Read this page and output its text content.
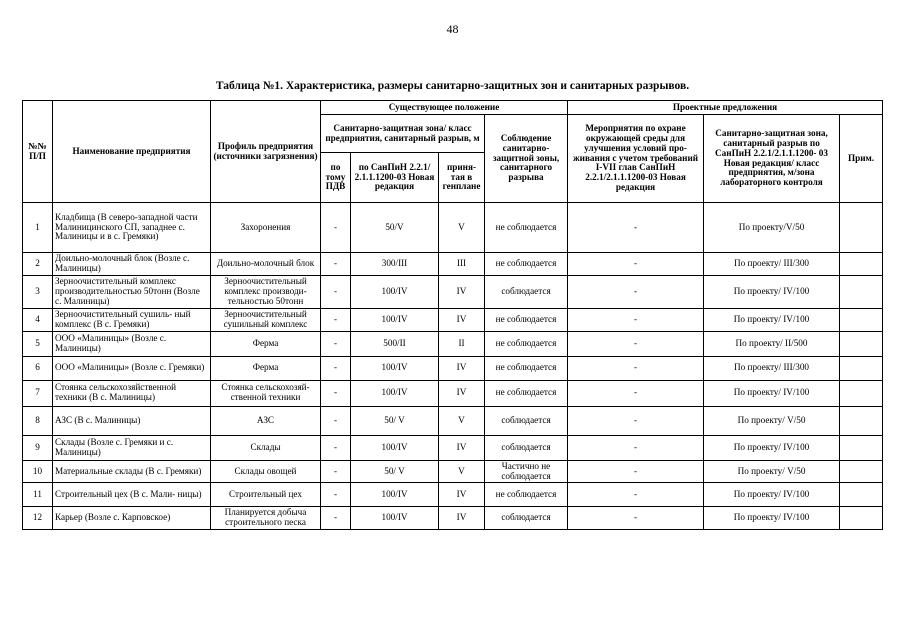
48
Таблица №1. Характеристика, размеры санитарно-защитных зон и санитарных разрывов.
№№ П/П	Наименование предприятия	Профиль предприятия (источники загрязнения)	Существующее положение				Проектные предложения		
			Санитарно-защитная зона/ класс предприятия, санитарный разрыв, м			Соблюдение санитарно- защитной зоны, санитарного разрыва	Мероприятия по охране окружающей среды для улучшения условий про- живания с учетом требований I-VII глав СанПиН 2.2.1/2.1.1.1200-03 Новая редакция	Санитарно-защитная зона, санитарный разрыв по СанПиН 2.2.1/2.1.1.1200- 03 Новая редакция/ класс предприятия, м/зона лабораторного контроля	Прим.
			по тому ПДВ	по СанПиН 2.2.1/ 2.1.1.1200-03 Новая редакция	приня- тая в генплане				
1	Кладбища (В северо-западной части Малиницинского СП, западнее с. Малиницы и в с. Гремяки)	Захоронения	-	50/V	V	не соблюдается	-	По проекту/V/50	
2	Доильно-молочный блок (Возле с. Малиницы)	Доильно-молочный блок	-	300/III	III	не соблюдается	-	По проекту/ III/300	
3	Зерноочистительный комплекс производительностью 50тонн (Возле с. Малиницы)	Зерноочистительный комплекс производи- тельностью 50тонн	-	100/IV	IV	соблюдается	-	По проекту/ IV/100	
4	Зерноочистительный сушиль- ный комплекс (В с. Гремяки)	Зерноочистительный сушильный комплекс	-	100/IV	IV	не соблюдается	-	По проекту/ IV/100	
5	ООО «Малиницы» (Возле с. Малиницы)	Ферма	-	500/II	II	не соблюдается	-	По проекту/ II/500	
6	ООО «Малиницы» (Возле с. Гремяки)	Ферма	-	100/IV	IV	не соблюдается	-	По проекту/ III/300	
7	Стоянка сельскохозяйственной техники (В с. Малиницы)	Стоянка сельскохозяй- ственной техники	-	100/IV	IV	не соблюдается	-	По проекту/ IV/100	
8	АЗС (В с. Малиницы)	АЗС	-	50/ V	V	соблюдается	-	По проекту/ V/50	
9	Склады (Возле с. Гремяки и с. Малиницы)	Склады	-	100/IV	IV	соблюдается	-	По проекту/ IV/100	
10	Материальные склады (В с. Гремяки)	Склады овощей	-	50/ V	V	Частично не соблюдается	-	По проекту/ V/50	
11	Строительный цех (В с. Мали- ницы)	Строительный цех	-	100/IV	IV	не соблюдается	-	По проекту/ IV/100	
12	Карьер (Возле с. Карповское)	Планируется добыча строительного песка	-	100/IV	IV	соблюдается	-	По проекту/ IV/100	
